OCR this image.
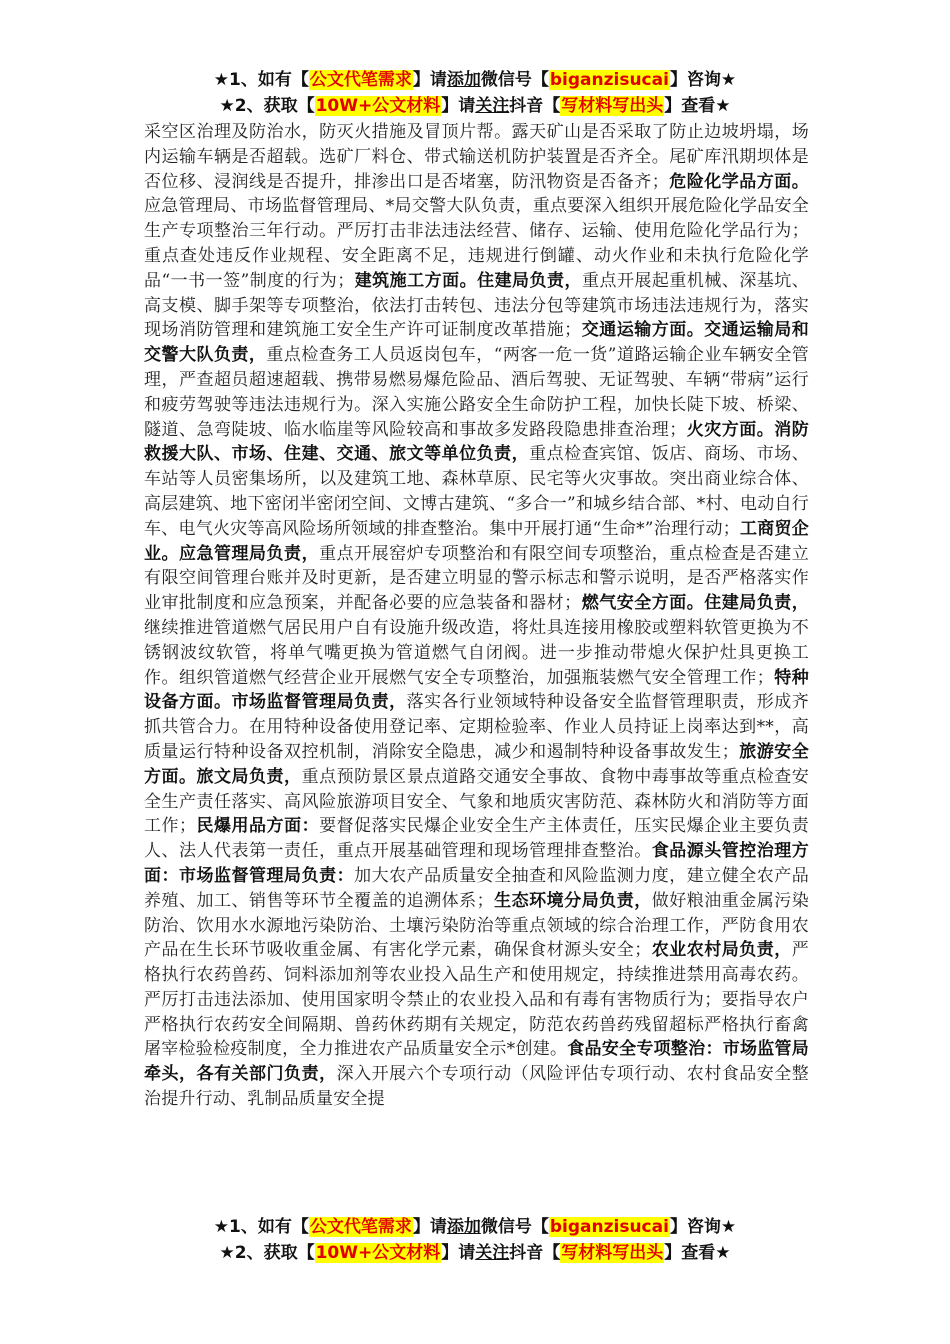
★1、如有【公文代笔需求】请添加微信号【biganzisucai】咨询★
★2、获取【10W+公文材料】请关注抖音【写材料写出头】查看★
采空区治理及防治水，防灭火措施及冒顶片帮。露天矿山是否采取了防止边坡坍塌，场内运输车辆是否超载。选矿厂料仓、带式输送机防护装置是否齐全。尾矿库汛期坝体是否位移、浸润线是否提升，排渗出口是否堵塞，防汛物资是否备齐；危险化学品方面。应急管理局、市场监督管理局、*局交警大队负责，重点要深入组织开展危险化学品安全生产专项整治三年行动。严厉打击非法违法经营、储存、运输、使用危险化学品行为；重点查处违反作业规程、安全距离不足，违规进行倒罐、动火作业和未执行危险化学品“一书一签”制度的行为；建筑施工方面。住建局负责，重点开展起重机械、深基坑、高支模、脚手架等专项整治，依法打击转包、违法分包等建筑市场违法违规行为，落实现场消防管理和建筑施工安全生产许可证制度改革措施；交通运输方面。交通运输局和交警大队负责，重点检查务工人员返岗包车，“两客一危一货”道路运输企业车辆安全管理，严查超员超速超载、携带易燃易爆危险品、酒后驾驶、无证驾驶、车辆“带病”运行和疲劳驾驶等违法违规行为。深入实施公路安全生命防护工程，加快长陡下坡、桥梁、隧道、急弯陡坡、临水临崖等风险较高和事故多发路段隐患排查治理；火灾方面。消防救援大队、市场、住建、交通、旅文等单位负责，重点检查宾馆、饭店、商场、市场、车站等人员密集场所，以及建筑工地、森林草原、民宅等火灾事故。突出商业综合体、高层建筑、地下密闭半密闭空间、文博古建筑、“多合一”和城乡结合部、*村、电动自行车、电气火灾等高风险场所领域的排查整治。集中开展打通“生命*”治理行动；工商贸企业。应急管理局负责，重点开展窑炉专项整治和有限空间专项整治，重点检查是否建立有限空间管理台账并及时更新，是否建立明显的警示标志和警示说明，是否严格落实作业审批制度和应急预案，并配备必要的应急装备和器材；燃气安全方面。住建局负责，继续推进管道燃气居民用户自有设施升级改造，将灶具连接用橡胶或塑料软管更换为不锈钢波纹软管，将单气嘴更换为管道燃气自闭阀。进一步推动带熄火保护灶具更换工作。组织管道燃气经营企业开展燃气安全专项整治，加强瓶装燃气安全管理工作；特种设备方面。市场监督管理局负责，落实各行业领域特种设备安全监督管理职责，形成齐抓共管合力。在用特种设备使用登记率、定期检验率、作业人员持证上岗率达到**，高质量运行特种设备双控机制，消除安全隐患，减少和遏制特种设备事故发生；旅游安全方面。旅文局负责，重点预防景区景点道路交通安全事故、食物中毒事故等重点检查安全生产责任落实、高风险旅游项目安全、气象和地质灾害防范、森林防火和消防等方面工作；民爆用品方面：要督促落实民爆企业安全生产主体责任，压实民爆企业主要负责人、法人代表第一责任，重点开展基础管理和现场管理排查整治。食品源头管控治理方面：市场监督管理局负责：加大农产品质量安全抽查和风险监测力度，建立健全农产品养殖、加工、销售等环节全覆盖的追溯体系；生态环境分局负责，做好粮油重金属污染防治、饮用水水源地污染防治、土壤污染防治等重点领域的综合治理工作，严防食用农产品在生长环节吸收重金属、有害化学元素，确保食材源头安全；农业农村局负责，严格执行农药兽药、饲料添加剂等农业投入品生产和使用规定，持续推进禁用高毒农药。严厉打击违法添加、使用国家明令禁止的农业投入品和有毒有害物质行为；要指导农户严格执行农药安全间隔期、兽药休药期有关规定，防范农药兽药残留超标严格执行畜禽屠宰检验检疫制度，全力推进农产品质量安全示*创建。食品安全专项整治：市场监管局牵头，各有关部门负责，深入开展六个专项行动（风险评估专项行动、农村食品安全整治提升行动、乳制品质量安全提
★1、如有【公文代笔需求】请添加微信号【biganzisucai】咨询★
★2、获取【10W+公文材料】请关注抖音【写材料写出头】查看★
